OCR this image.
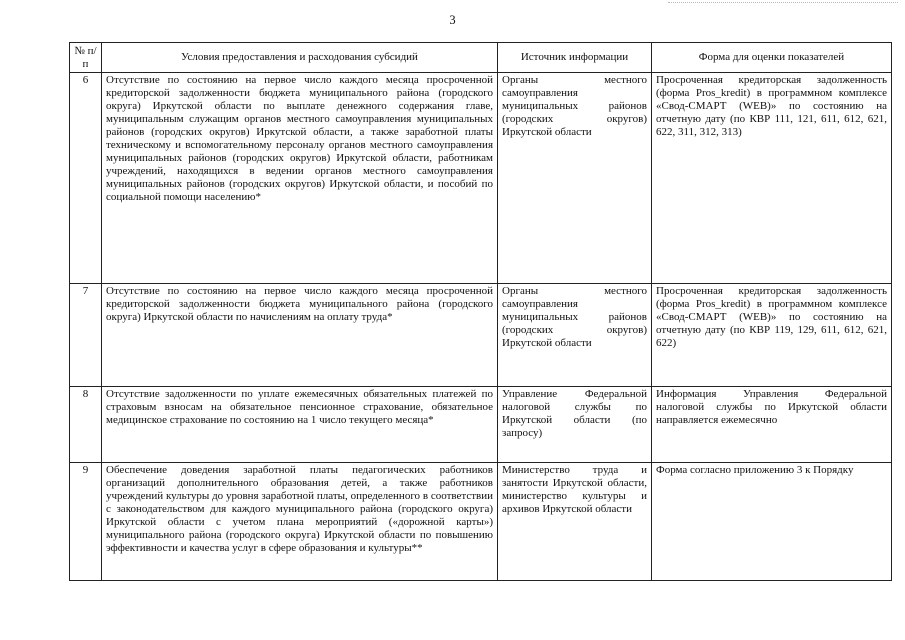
3
№ п/п	Условия предоставления и расходования субсидий	Источник информации	Форма для оценки показателей
6	Отсутствие по состоянию на первое число каждого месяца просроченной кредиторской задолженности бюджета муниципального района (городского округа) Иркутской области по выплате денежного содержания главе, муниципальным служащим органов местного самоуправления муниципальных районов (городских округов) Иркутской области, а также заработной платы техническому и вспомогательному персоналу органов местного самоуправления муниципальных районов (городских округов) Иркутской области, работникам учреждений, находящихся в ведении органов местного самоуправления муниципальных районов (городских округов) Иркутской области, и пособий по социальной помощи населению*	Органы местного самоуправления муниципальных районов (городских округов) Иркутской области	Просроченная кредиторская задолженность (форма Pros_kredit) в программном комплексе «Свод-СМАРТ (WEB)» по состоянию на отчетную дату (по КВР 111, 121, 611, 612, 621, 622, 311, 312, 313)
7	Отсутствие по состоянию на первое число каждого месяца просроченной кредиторской задолженности бюджета муниципального района (городского округа) Иркутской области по начислениям на оплату труда*	Органы местного самоуправления муниципальных районов (городских округов) Иркутской области	Просроченная кредиторская задолженность (форма Pros_kredit) в программном комплексе «Свод-СМАРТ (WEB)» по состоянию на отчетную дату (по КВР 119, 129, 611, 612, 621, 622)
8	Отсутствие задолженности по уплате ежемесячных обязательных платежей по страховым взносам на обязательное пенсионное страхование, обязательное медицинское страхование по состоянию на 1 число текущего месяца*	Управление Федеральной налоговой службы по Иркутской области (по запросу)	Информация Управления Федеральной налоговой службы по Иркутской области направляется ежемесячно
9	Обеспечение доведения заработной платы педагогических работников организаций дополнительного образования детей, а также работников учреждений культуры до уровня заработной платы, определенного в соответствии с законодательством для каждого муниципального района (городского округа) Иркутской области с учетом плана мероприятий («дорожной карты») муниципального района (городского округа) Иркутской области по повышению эффективности и качества услуг в сфере образования и культуры**	Министерство труда и занятости Иркутской области, министерство культуры и архивов Иркутской области	Форма согласно приложению 3 к Порядку
